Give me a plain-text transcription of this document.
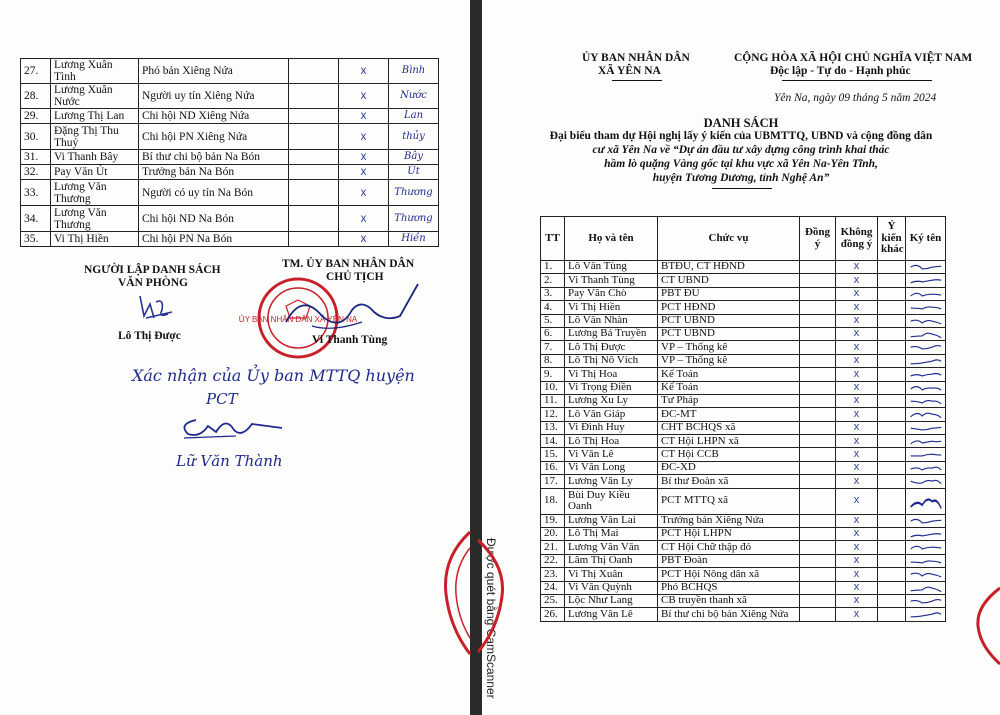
27.	Lương Xuân Tình	Phó bản Xiêng Nứa		x	Bình
28.	Lương Xuân Nước	Người uy tín Xiêng Nứa		x	Nước
29.	Lương Thị Lan	Chi hội ND Xiêng Nứa		x	Lan
30.	Đặng Thị Thu Thuỷ	Chi hội PN Xiêng Nứa		x	thủy
31.	Vi Thanh Bây	Bí thư chi bộ bản Na Bón		x	Bây
32.	Pay Văn Út	Trưởng bản Na Bón		x	Út
33.	Lương Văn Thương	Người có uy tín Na Bón		x	Thương
34.	Lương Văn Thương	Chi hội ND Na Bón		x	Thương
35.	Vi Thị Hiền	Chi hội PN Na Bón		x	Hiền
NGƯỜI LẬP DANH SÁCH
VĂN PHÒNG
TM. ỦY BAN NHÂN DÂN
CHỦ TỊCH
Lô Thị Được
ỦY BAN NHÂN DÂN XÃ YÊN NA
Vi Thanh Tùng
Xác nhận của Ủy ban MTTQ huyện
PCT
Lữ Văn Thành
ỦY BAN NHÂN DÂN
XÃ YÊN NA
CỘNG HÒA XÃ HỘI CHỦ NGHĨA VIỆT NAM
Độc lập - Tự do - Hạnh phúc
Yên Na, ngày 09 tháng 5 năm 2024
DANH SÁCH
Đại biểu tham dự Hội nghị lấy ý kiến của UBMTTQ, UBND và cộng đồng dân
cư xã Yên Na về “Dự án đầu tư xây dựng công trình khai thác
hầm lò quặng Vàng gốc tại khu vực xã Yên Na-Yên Tĩnh,
huyện Tương Dương, tỉnh Nghệ An”
TT	Họ và tên	Chức vụ	Đồng ý	Không đồng ý	Ý kiến khác	Ký tên
1.	Lô Văn Tùng	BTĐU, CT HĐND		x		

2.	Vi Thanh Tùng	CT UBND		x		

3.	Pay Văn Chò	PBT ĐU		x		

4.	Vi Thị Hiền	PCT HĐND		x		

5.	Lô Văn Nhàn	PCT UBND		x		

6.	Lương Bá Truyền	PCT UBND		x		

7.	Lô Thị Được	VP – Thống kê		x		

8.	Lô Thị Nô Vích	VP – Thống kê		x		

9.	Vi Thị Hoa	Kế Toán		x		

10.	Vi Trọng Điền	Kế Toán		x		

11.	Lương Xu Ly	Tư Pháp		x		

12.	Lô Văn Giáp	ĐC-MT		x		

13.	Vi Đình Huy	CHT BCHQS xã		x		

14.	Lô Thị Hoa	CT Hội LHPN xã		x		

15.	Vi Văn Lê	CT Hội CCB		x		

16.	Vi Văn Long	ĐC-XD		x		

17.	Lương Văn Ly	Bí thư Đoàn xã		x		

18.	Bùi Duy Kiều Oanh	PCT MTTQ xã		x		

19.	Lương Văn Lai	Trưởng bản Xiêng Nứa		x		

20.	Lô Thị Mai	PCT Hội LHPN		x		

21.	Lương Văn Văn	CT Hội Chữ thập đỏ		x		

22.	Lâm Thị Oanh	PBT Đoàn		x		

23.	Vi Thị Xuân	PCT Hội Nông dân xã		x		

24.	Vi Văn Quỳnh	Phó BCHQS		x		

25.	Lộc Như Lang	CB truyền thanh xã		x		

26.	Lương Văn Lê	Bí thư chi bộ bản Xiêng Nứa		x		
Được quét bằng CamScanner
